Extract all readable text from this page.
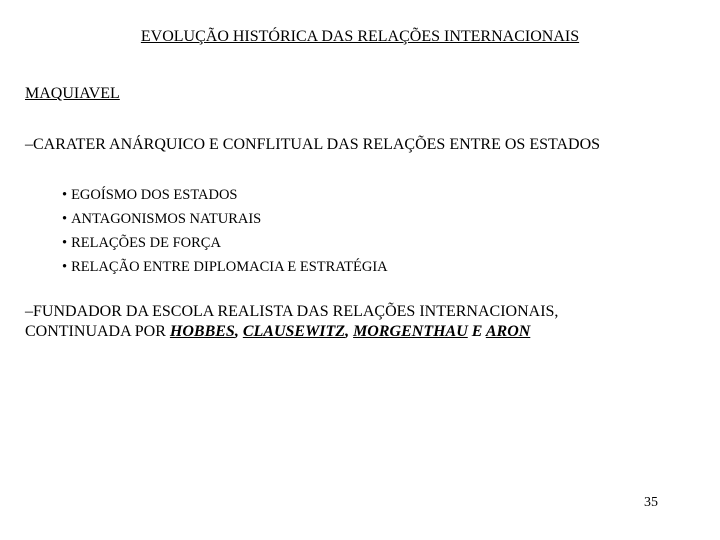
EVOLUÇÃO HISTÓRICA DAS RELAÇÕES INTERNACIONAIS
MAQUIAVEL
–CARATER ANÁRQUICO E CONFLITUAL DAS RELAÇÕES ENTRE OS ESTADOS
• EGOÍSMO DOS ESTADOS
• ANTAGONISMOS NATURAIS
• RELAÇÕES DE FORÇA
• RELAÇÃO ENTRE DIPLOMACIA E ESTRATÉGIA
–FUNDADOR DA ESCOLA REALISTA DAS RELAÇÕES INTERNACIONAIS,
CONTINUADA POR HOBBES, CLAUSEWITZ, MORGENTHAU E ARON
35
